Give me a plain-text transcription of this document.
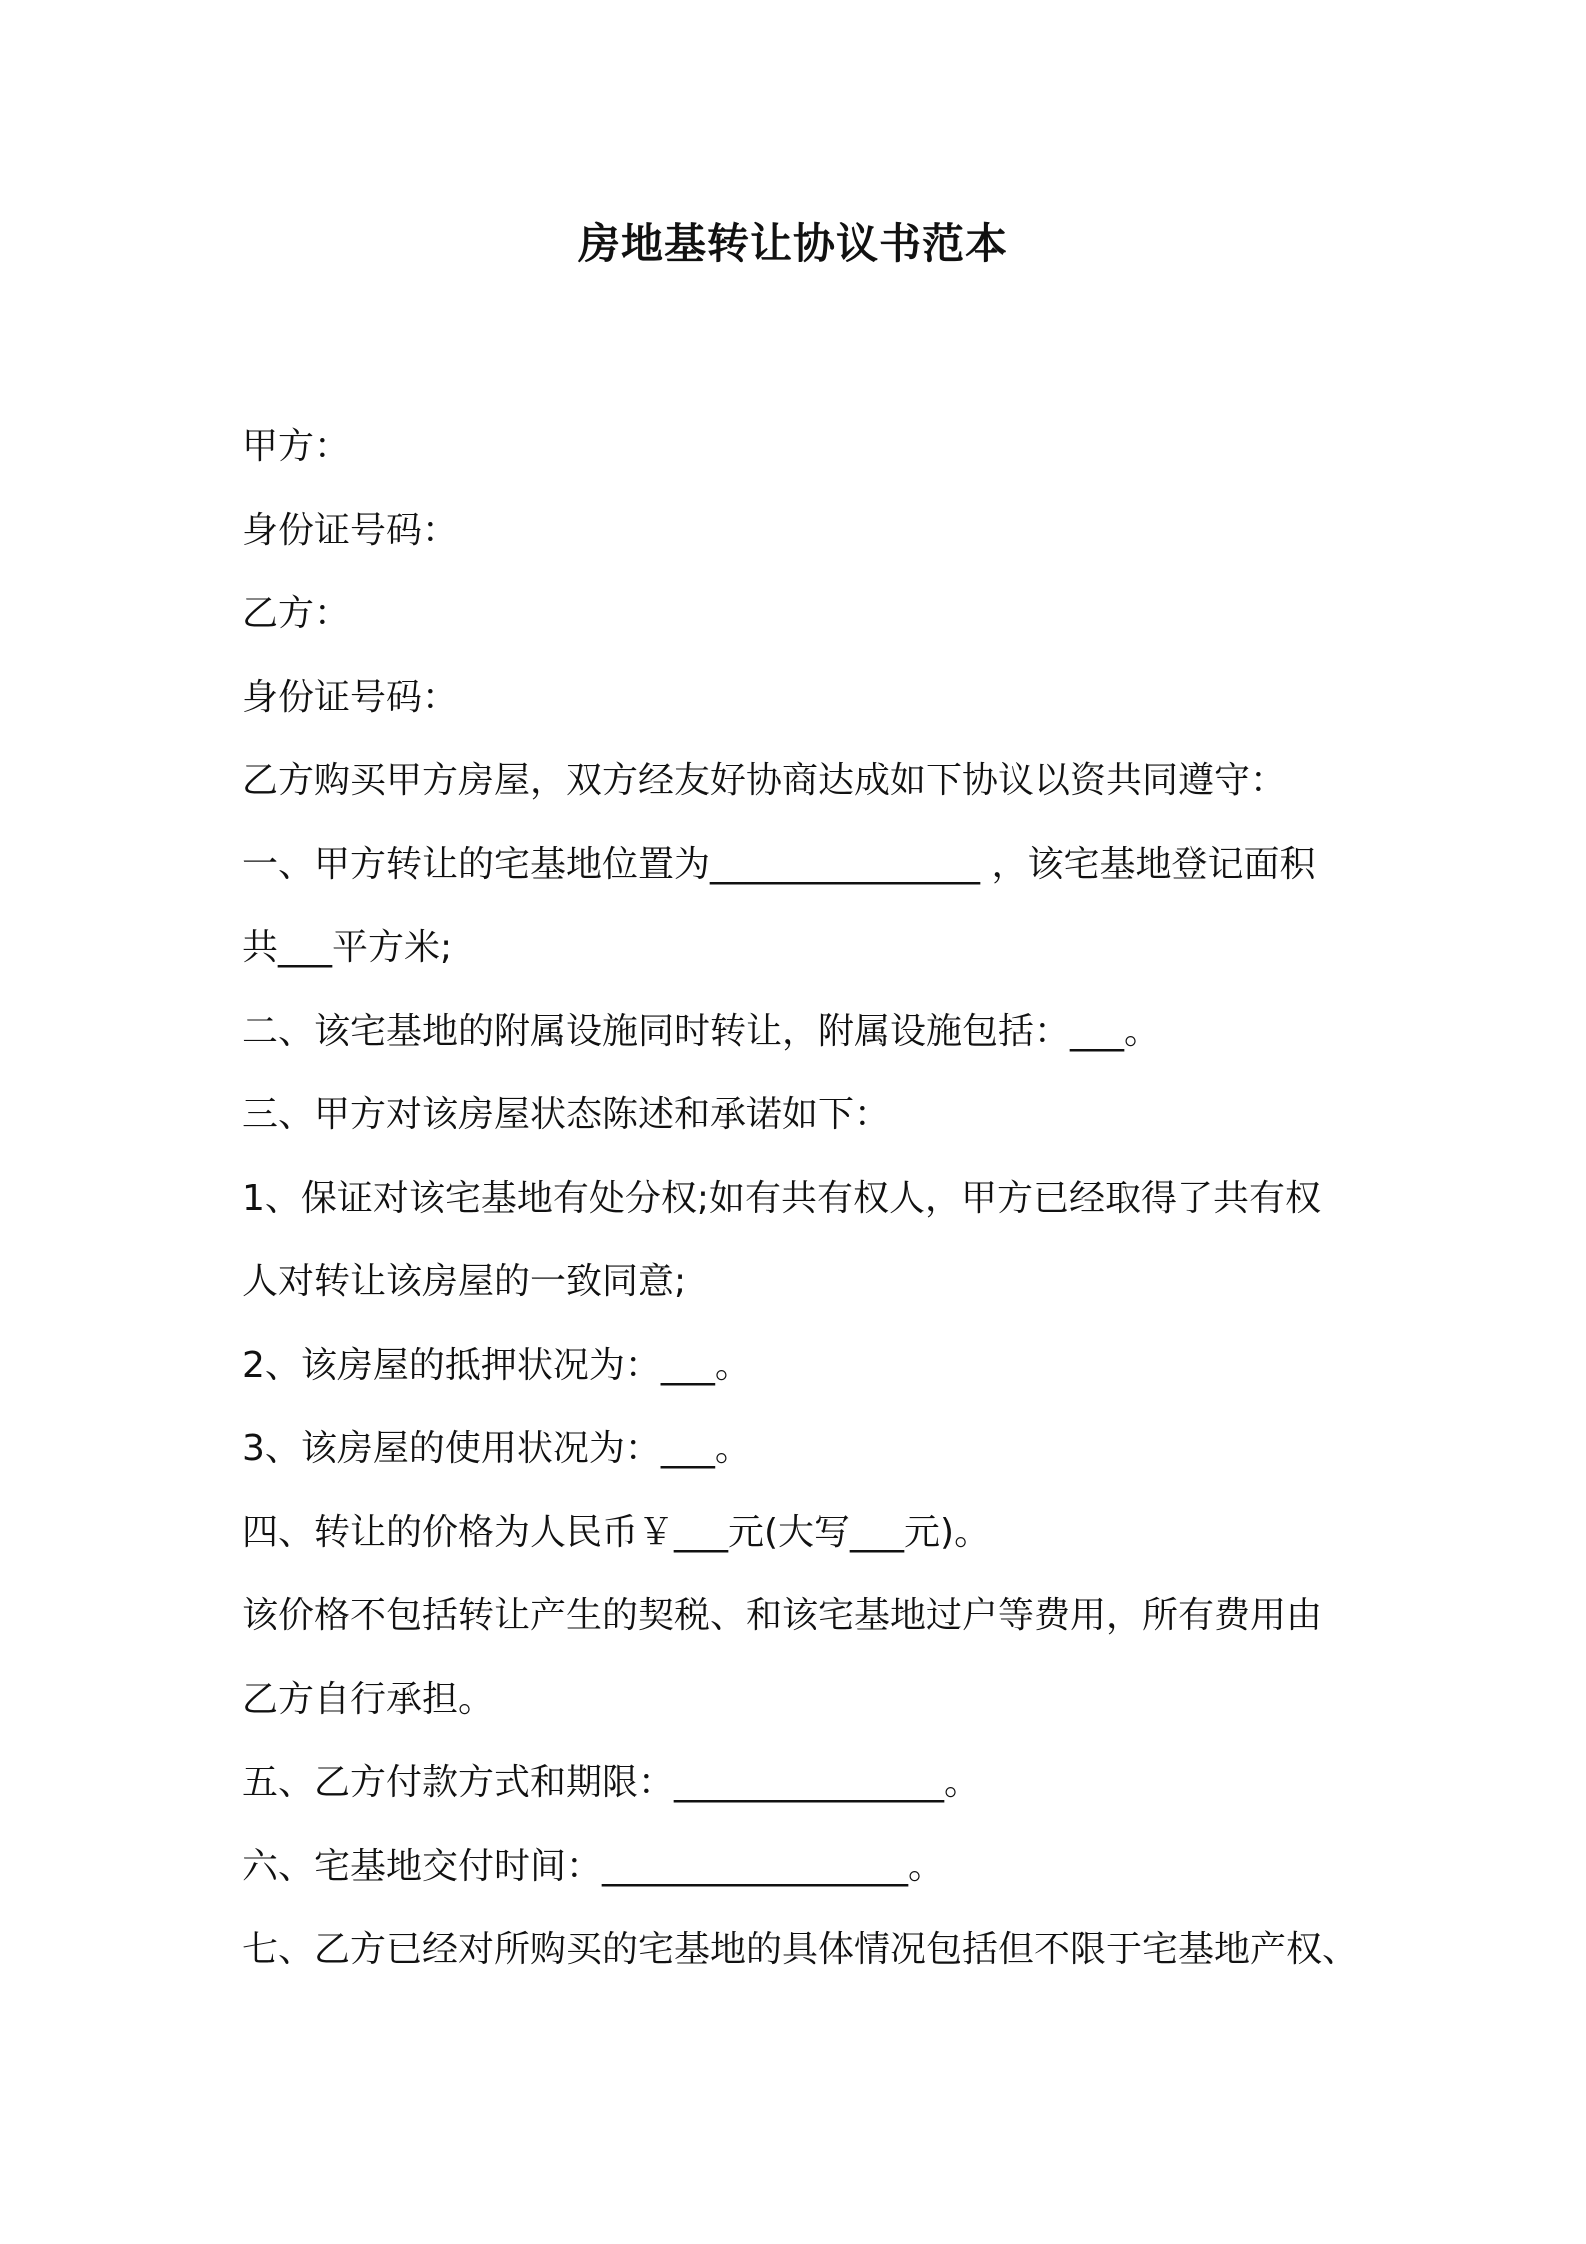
房地基转让协议书范本
甲方：
身份证号码：
乙方：
身份证号码：
乙方购买甲方房屋，双方经友好协商达成如下协议以资共同遵守：
一、甲方转让的宅基地位置为_______________ ，该宅基地登记面积
共___平方米;
二、该宅基地的附属设施同时转让，附属设施包括：___。
三、甲方对该房屋状态陈述和承诺如下：
1、保证对该宅基地有处分权;如有共有权人，甲方已经取得了共有权
人对转让该房屋的一致同意;
2、该房屋的抵押状况为：___。
3、该房屋的使用状况为：___。
四、转让的价格为人民币￥___元(大写___元)。
该价格不包括转让产生的契税、和该宅基地过户等费用，所有费用由
乙方自行承担。
五、乙方付款方式和期限：_______________。
六、宅基地交付时间：_________________。
七、乙方已经对所购买的宅基地的具体情况包括但不限于宅基地产权、
